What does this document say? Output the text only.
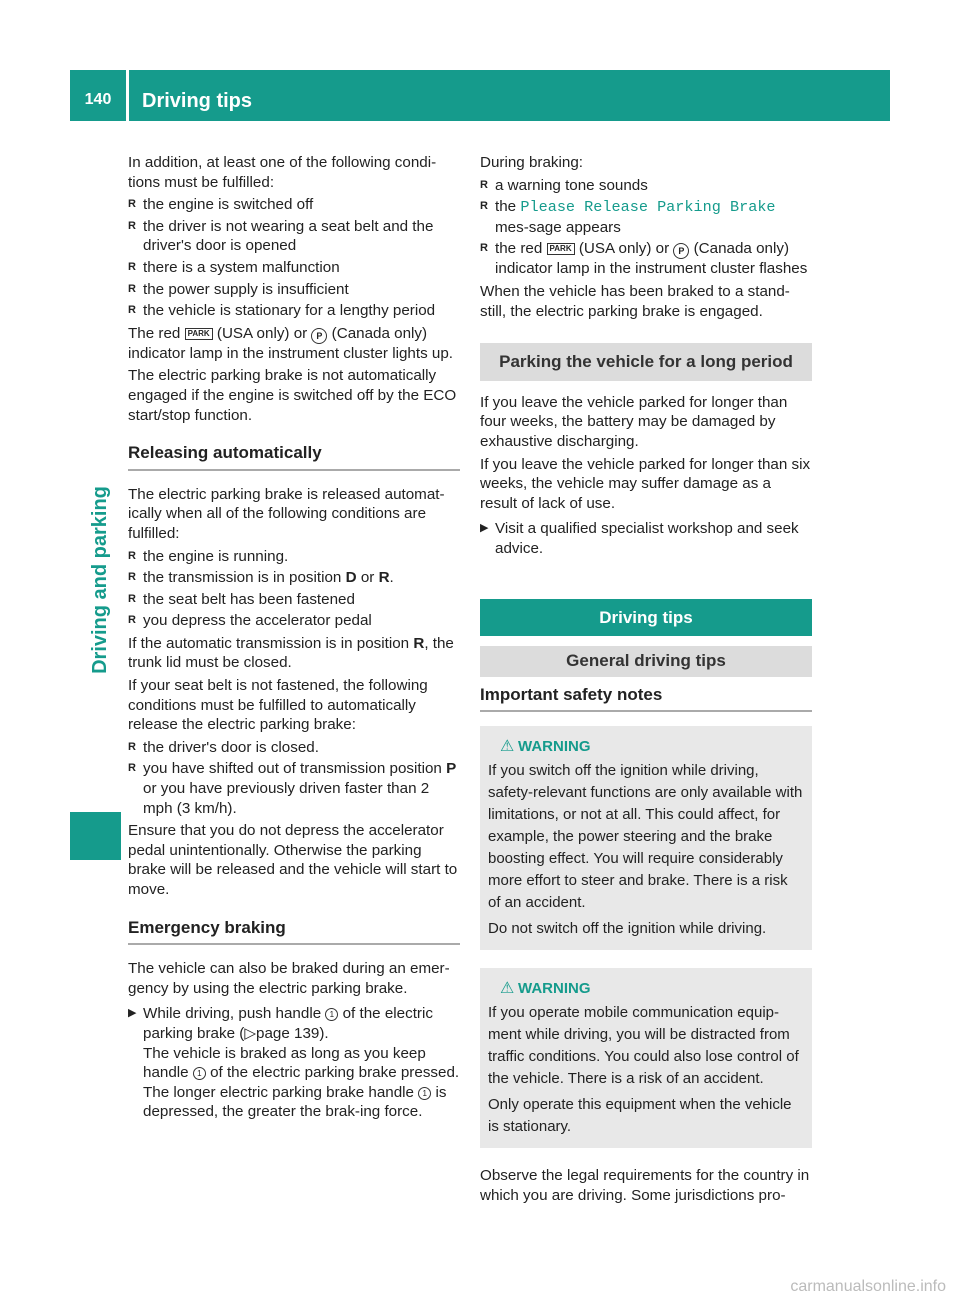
140	Driving tips
Driving and parking

In addition, at least one of the following condi-
tions must be fulfilled:

R the engine is switched off
R the driver is not wearing a seat belt and the driver's door is opened
R there is a system malfunction
R the power supply is insufficient
R the vehicle is stationary for a lengthy period

The red PARK (USA only) or P (Canada only) indicator lamp in the instrument cluster lights up.

The electric parking brake is not automatically engaged if the engine is switched off by the ECO start/stop function.

Releasing automatically

The electric parking brake is released automat-ically when all of the following conditions are fulfilled:

R the engine is running.
R the transmission is in position D or R.
R the seat belt has been fastened
R you depress the accelerator pedal

If the automatic transmission is in position R, the trunk lid must be closed.

If your seat belt is not fastened, the following conditions must be fulfilled to automatically release the electric parking brake:

R the driver's door is closed.
R you have shifted out of transmission position P or you have previously driven faster than 2 mph (3 km/h).

Ensure that you do not depress the accelerator pedal unintentionally. Otherwise the parking brake will be released and the vehicle will start to move.

Emergency braking

The vehicle can also be braked during an emer-gency by using the electric parking brake.

▶ While driving, push handle 1 of the electric parking brake (▷page 139).
The vehicle is braked as long as you keep handle 1 of the electric parking brake pressed. The longer electric parking brake handle 1 is depressed, the greater the brak-ing force.

During braking:

R a warning tone sounds
R the Please Release Parking Brake mes-sage appears
R the red PARK (USA only) or P (Canada only) indicator lamp in the instrument cluster flashes

When the vehicle has been braked to a stand-still, the electric parking brake is engaged.

Parking the vehicle for a long period

If you leave the vehicle parked for longer than four weeks, the battery may be damaged by exhaustive discharging.

If you leave the vehicle parked for longer than six weeks, the vehicle may suffer damage as a result of lack of use.

▶ Visit a qualified specialist workshop and seek advice.
Driving tips
General driving tips
Important safety notes
⚠ WARNING

If you switch off the ignition while driving, safety-relevant functions are only available with limitations, or not at all. This could affect, for example, the power steering and the brake boosting effect. You will require considerably more effort to steer and brake. There is a risk of an accident.

Do not switch off the ignition while driving.

⚠ WARNING

If you operate mobile communication equip-ment while driving, you will be distracted from traffic conditions. You could also lose control of the vehicle. There is a risk of an accident.

Only operate this equipment when the vehicle is stationary.

Observe the legal requirements for the country in which you are driving. Some jurisdictions pro-

carmanualsonline.info
